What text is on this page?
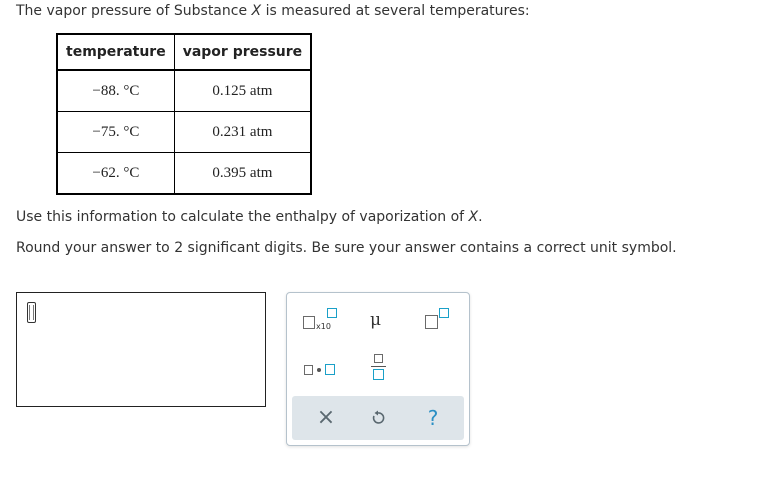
The vapor pressure of Substance X is measured at several temperatures:
temperature	vapor pressure
−88. °C	0.125 atm
−75. °C	0.231 atm
−62. °C	0.395 atm
Use this information to calculate the enthalpy of vaporization of X.
Round your answer to 2 significant digits. Be sure your answer contains a correct unit symbol.
x10 μ
×	?
